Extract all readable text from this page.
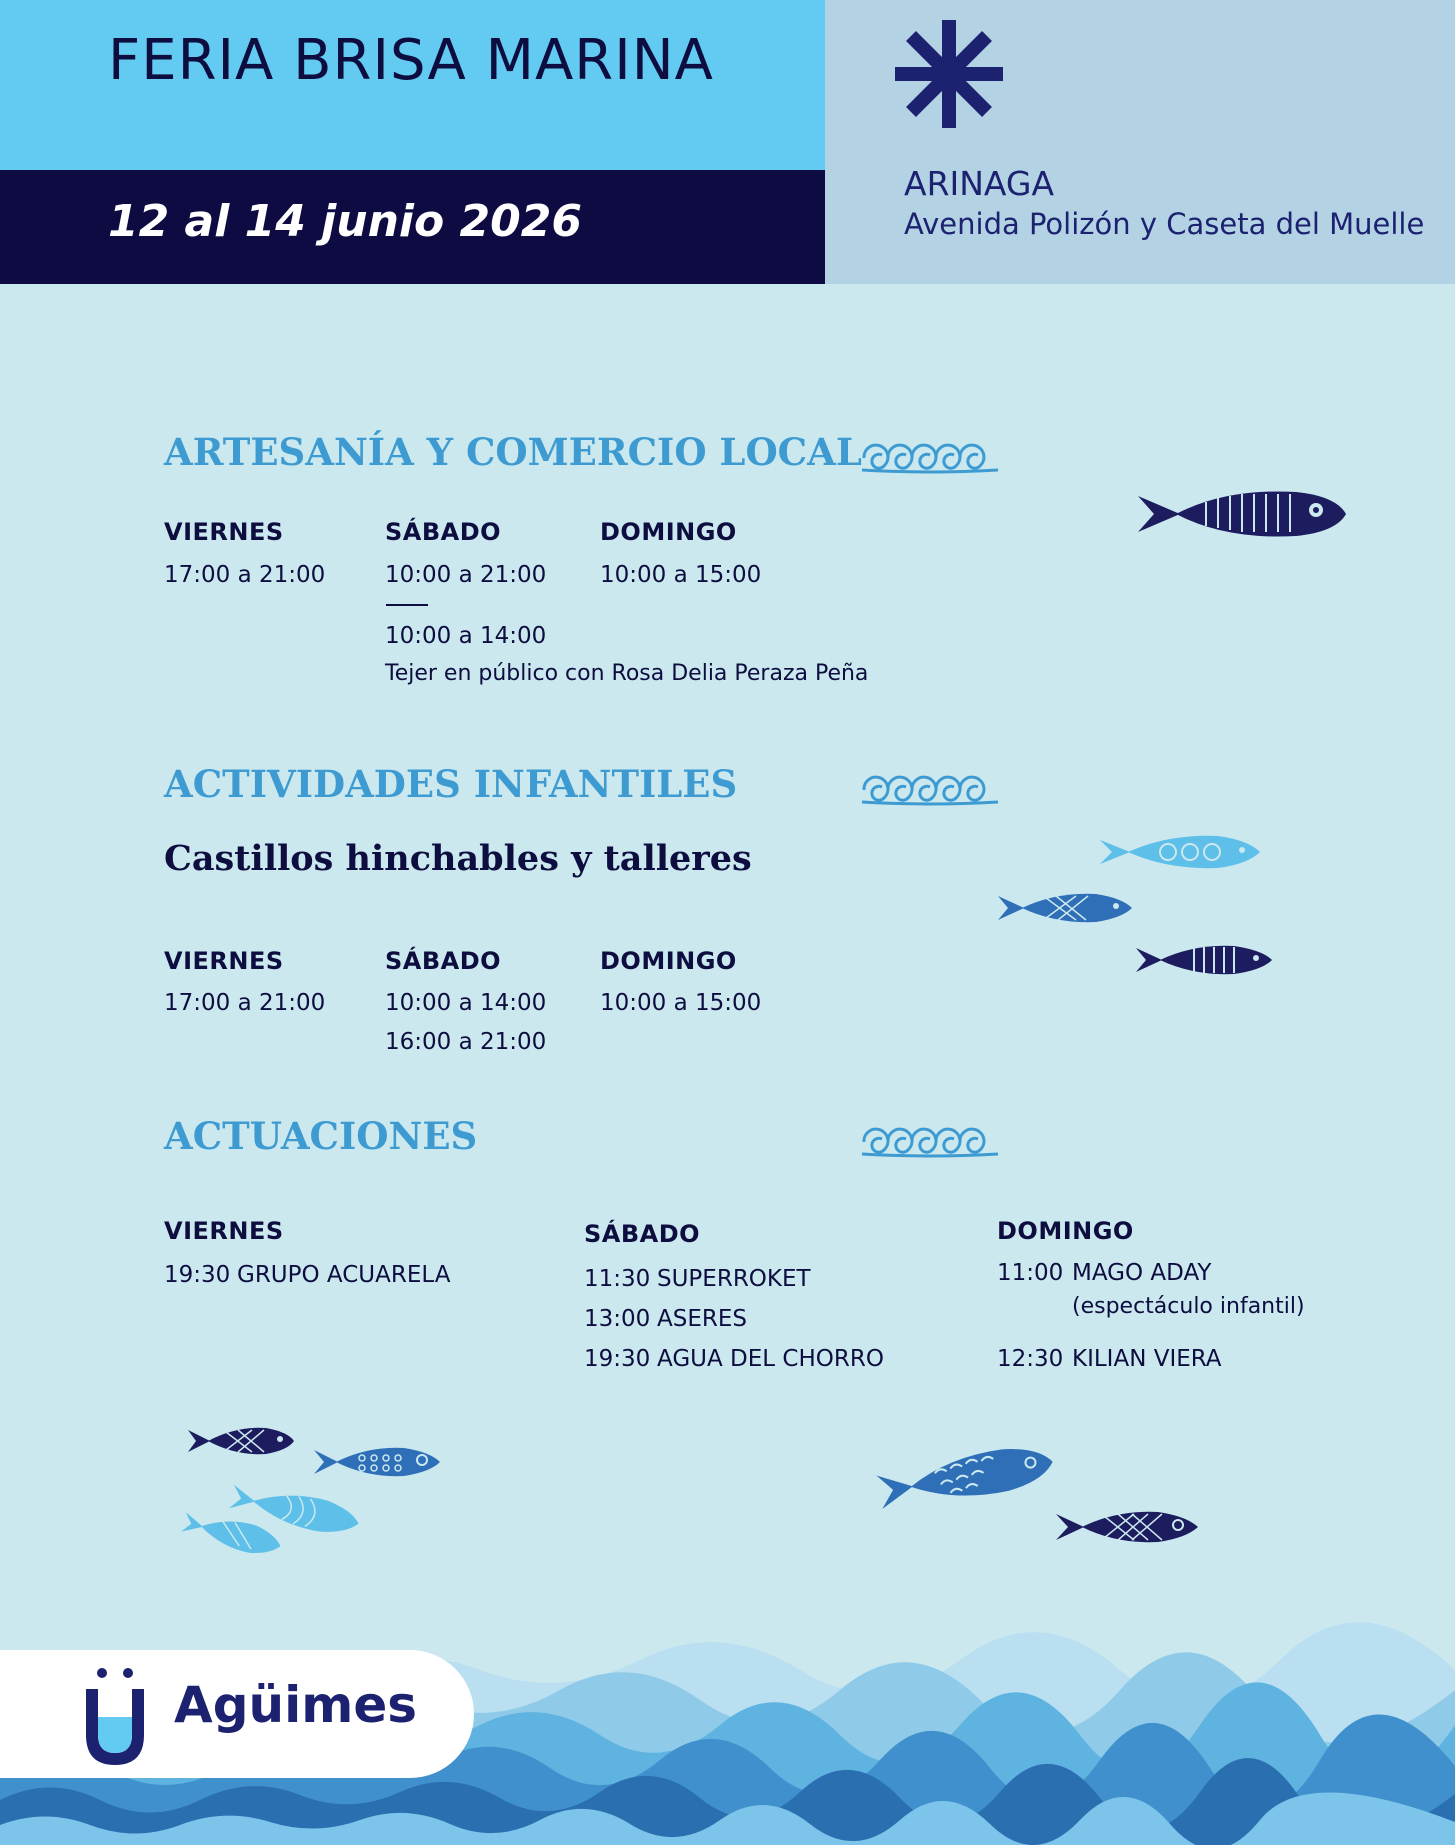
FERIA BRISA MARINA
12 al 14 junio 2026
ARINAGA
Avenida Polizón y Caseta del Muelle
ARTESANÍA Y COMERCIO LOCAL
VIERNES
17:00 a 21:00
SÁBADO
10:00 a 21:00
10:00 a 14:00
Tejer en público con Rosa Delia Peraza Peña
DOMINGO
10:00 a 15:00
ACTIVIDADES INFANTILES
Castillos hinchables y talleres
VIERNES
17:00 a 21:00
SÁBADO
10:00 a 14:00
16:00 a 21:00
DOMINGO
10:00 a 15:00
ACTUACIONES
VIERNES
19:30 GRUPO ACUARELA
SÁBADO
11:30 SUPERROKET
13:00 ASERES
19:30 AGUA DEL CHORRO
DOMINGO
11:00 MAGO ADAY
(espectáculo infantil)
12:30 KILIAN VIERA
Agüimes
